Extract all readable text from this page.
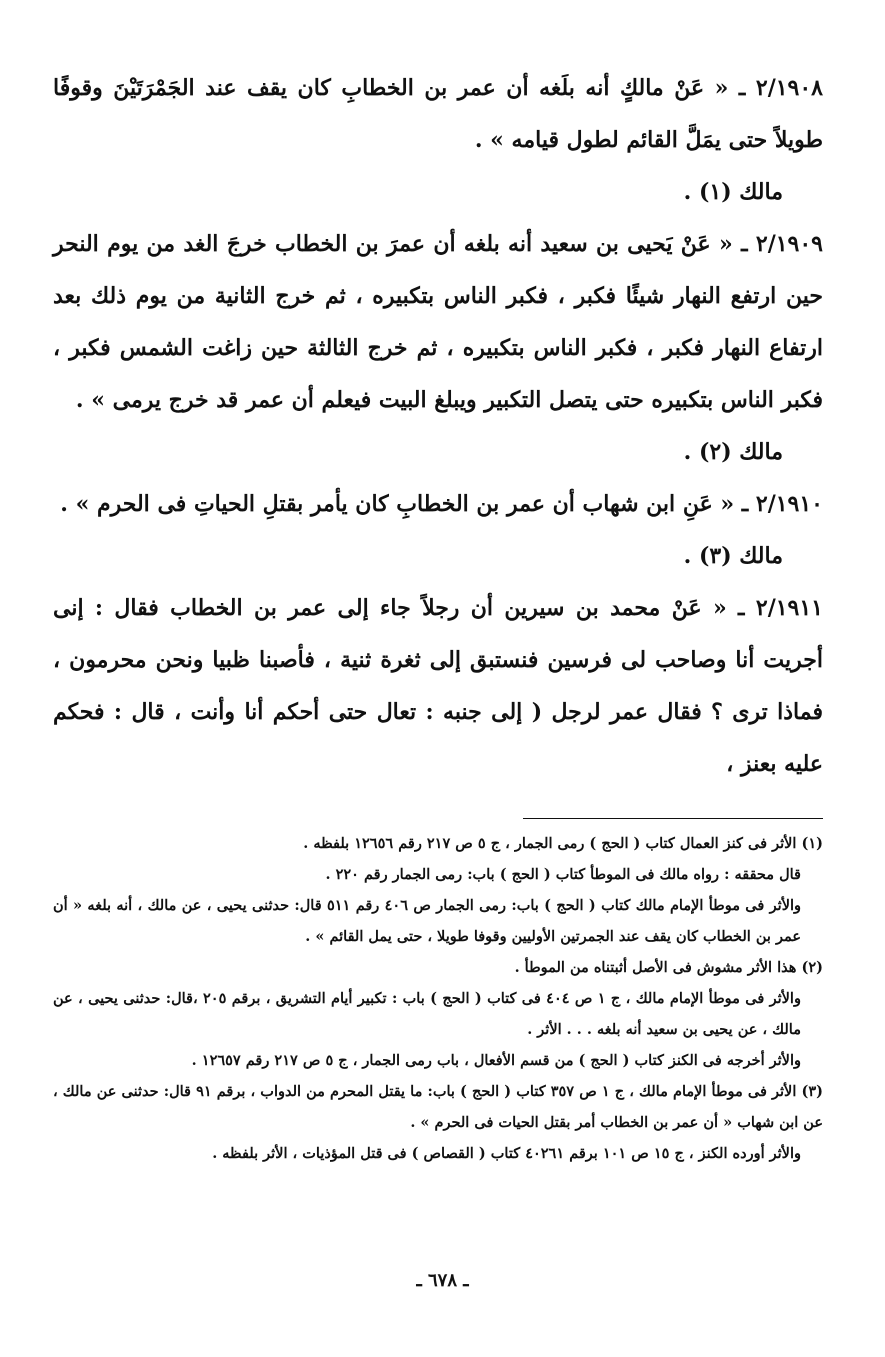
٢/١٩٠٨ ـ « عَنْ مالكٍ أنه بلَغه أن عمر بن الخطابِ كان يقف عند الجَمْرَتَيْنَ وقوفًا طويلاً حتى يمَلَّ القائم لطول قيامه » .

مالك (١) .

٢/١٩٠٩ ـ « عَنْ يَحيى بن سعيد أنه بلغه أن عمرَ بن الخطاب خرجَ الغد من يوم النحر حين ارتفع النهار شيئًا فكبر ، فكبر الناس بتكبيره ، ثم خرج الثانية من يوم ذلك بعد ارتفاع النهار فكبر ، فكبر الناس بتكبيره ، ثم خرج الثالثة حين زاغت الشمس فكبر ، فكبر الناس بتكبيره حتى يتصل التكبير ويبلغ البيت فيعلم أن عمر قد خرج يرمى » .

مالك (٢) .

٢/١٩١٠ ـ « عَنِ ابن شهاب أن عمر بن الخطابِ كان يأمر بقتلِ الحياتِ فى الحرم » .

مالك (٣) .

٢/١٩١١ ـ « عَنْ محمد بن سيرين أن رجلاً جاء إلى عمر بن الخطاب فقال : إنى أجريت أنا وصاحب لى فرسين فنستبق إلى ثغرة ثنية ، فأصبنا ظبيا ونحن محرمون ، فماذا ترى ؟ فقال عمر لرجل ( إلى جنبه : تعال حتى أحكم أنا وأنت ، قال : فحكم عليه بعنز ،

(١) الأثر فى كنز العمال كتاب ( الحج ) رمى الجمار ، ج ٥ ص ٢١٧ رقم ١٢٦٥٦ بلفظه .

قال محققه : رواه مالك فى الموطأ كتاب ( الحج ) باب: رمى الجمار رقم ٢٢٠ .

والأثر فى موطأ الإمام مالك كتاب ( الحج ) باب: رمى الجمار ص ٤٠٦ رقم ٥١١ قال: حدثنى يحيى ، عن مالك ، أنه بلغه « أن عمر بن الخطاب كان يقف عند الجمرتين الأوليين وقوفا طويلا ، حتى يمل القائم » .

(٢) هذا الأثر مشوش فى الأصل أثبتناه من الموطأ .

والأثر فى موطأ الإمام مالك ، ج ١ ص ٤٠٤ فى كتاب ( الحج ) باب : تكبير أيام التشريق ، برقم ٢٠٥ ،قال: حدثنى يحيى ، عن مالك ، عن يحيى بن سعيد أنه بلغه . . . الأثر .

والأثر أخرجه فى الكنز كتاب ( الحج ) من قسم الأفعال ، باب رمى الجمار ، ج ٥ ص ٢١٧ رقم ١٢٦٥٧ .

(٣) الأثر فى موطأ الإمام مالك ، ج ١ ص ٣٥٧ كتاب ( الحج ) باب: ما يقتل المحرم من الدواب ، برقم ٩١ قال: حدثنى عن مالك ، عن ابن شهاب « أن عمر بن الخطاب أمر بقتل الحيات فى الحرم » .

والأثر أورده الكنز ، ج ١٥ ص ١٠١ برقم ٤٠٢٦١ كتاب ( القصاص ) فى قتل المؤذيات ، الأثر بلفظه .

ـ ٦٧٨ ـ
